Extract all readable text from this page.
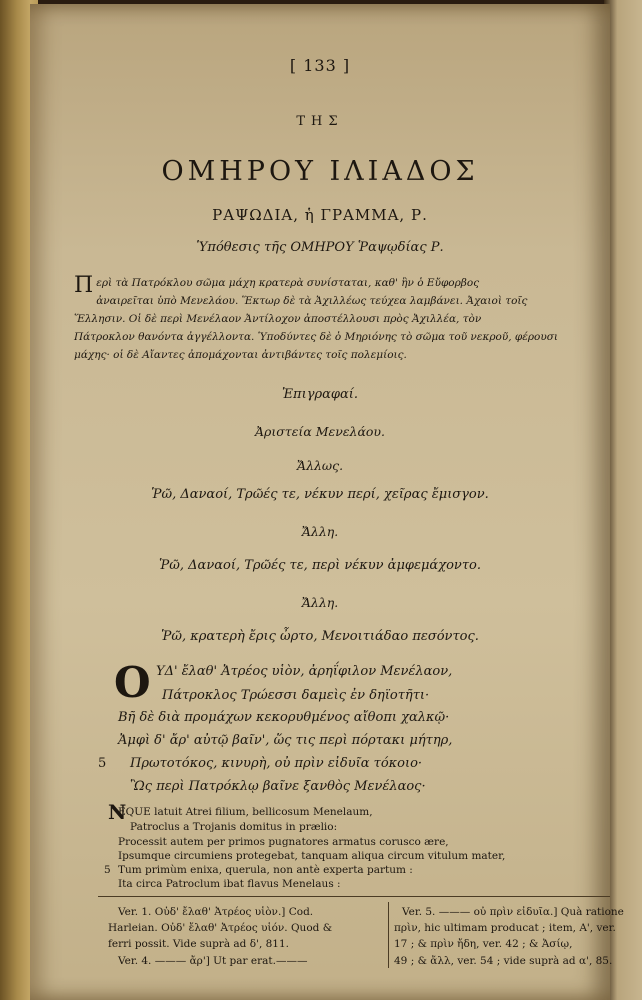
[ 133 ]
ΤΗΣ
ΟΜΗΡΟΥ ΙΛΙΑΔΟΣ
ΡΑΨΩΔΙΑ, ἡ ΓΡΑΜΜΑ, Ρ.
Ὑπόθεσις τῆς ΟΜΗΡΟΥ Ῥαψῳδίας Ρ.
Π ερὶ τὰ Πατρόκλου σῶμα μάχη κρατερὰ συνίσταται, καθ' ἣν ὁ Εὔφορβος
ἀναιρεῖται ὑπὸ Μενελάου. Ἕκτωρ δὲ τὰ Ἀχιλλέως τεύχεα λαμβάνει. Ἀχαιοὶ τοῖς
Ἕλλησιν. Οἱ δὲ περὶ Μενέλαον Ἀντίλοχον ἀποστέλλουσι πρὸς Ἀχιλλέα, τὸν
Πάτροκλον θανόντα ἀγγέλλοντα. Ὑποδύντες δὲ ὁ Μηριόνης τὸ σῶμα τοῦ νεκροῦ, φέρουσι
μάχης· οἱ δὲ Αἴαντες ἀπομάχονται ἀντιβάντες τοῖς πολεμίοις.
Ἐπιγραφαί.
Ἀριστεία Μενελάου.
Ἄλλως.
Ῥῶ, Δαναοί, Τρῶές τε, νέκυν περί, χεῖρας ἔμισγον.
Ἄλλη.
Ῥῶ, Δαναοί, Τρῶές τε, περὶ νέκυν ἀμφεμάχοντο.
Ἄλλη.
Ῥῶ, κρατερὴ ἔρις ὦρτο, Μενοιτιάδαο πεσόντος.
Ο ΥΔ' ἔλαθ' Ἀτρέος υἱὸν, ἀρηΐφιλον Μενέλαον,
Πάτροκλος Τρώεσσι δαμεὶς ἐν δηϊοτῆτι·
Βῆ δὲ διὰ προμάχων κεκορυθμένος αἴθοπι χαλκῷ·
Ἀμφὶ δ' ἄρ' αὐτῷ βαῖν', ὥς τις περὶ πόρτακι μήτηρ,
5 Πρωτοτόκος, κινυρὴ, οὐ πρὶν εἰδυῖα τόκοιο·
Ὣς περὶ Πατρόκλῳ βαῖνε ξανθὸς Μενέλαος·
N
EQUE latuit Atrei filium, bellicosum Menelaum,
Patroclus a Trojanis domitus in prælio:
Processit autem per primos pugnatores armatus corusco ære,
Ipsumque circumiens protegebat, tanquam aliqua circum vitulum mater,
5 Tum primùm enixa, querula, non antè experta partum :
Ita circa Patroclum ibat flavus Menelaus :
Ver. 1. Οὐδ' ἔλαθ' Ἀτρέος υἱὸν.] Cod.
Harleian. Οὐδ' ἔλαθ' Ἀτρέος υἱόν. Quod &
ferri possit. Vide suprà ad δ', 811.
Ver. 4. ——— ἄρ'] Ut par erat.———
Ver. 5. ——— οὐ πρὶν εἰδυῖα.] Quà ratione
πρὶν, hic ultimam producat ; item, A', ver.
17 ; & πρὶν ἤδη, ver. 42 ; & Ἀσίῳ,
49 ; & ἄλλ, ver. 54 ; vide suprà ad α', 85.
